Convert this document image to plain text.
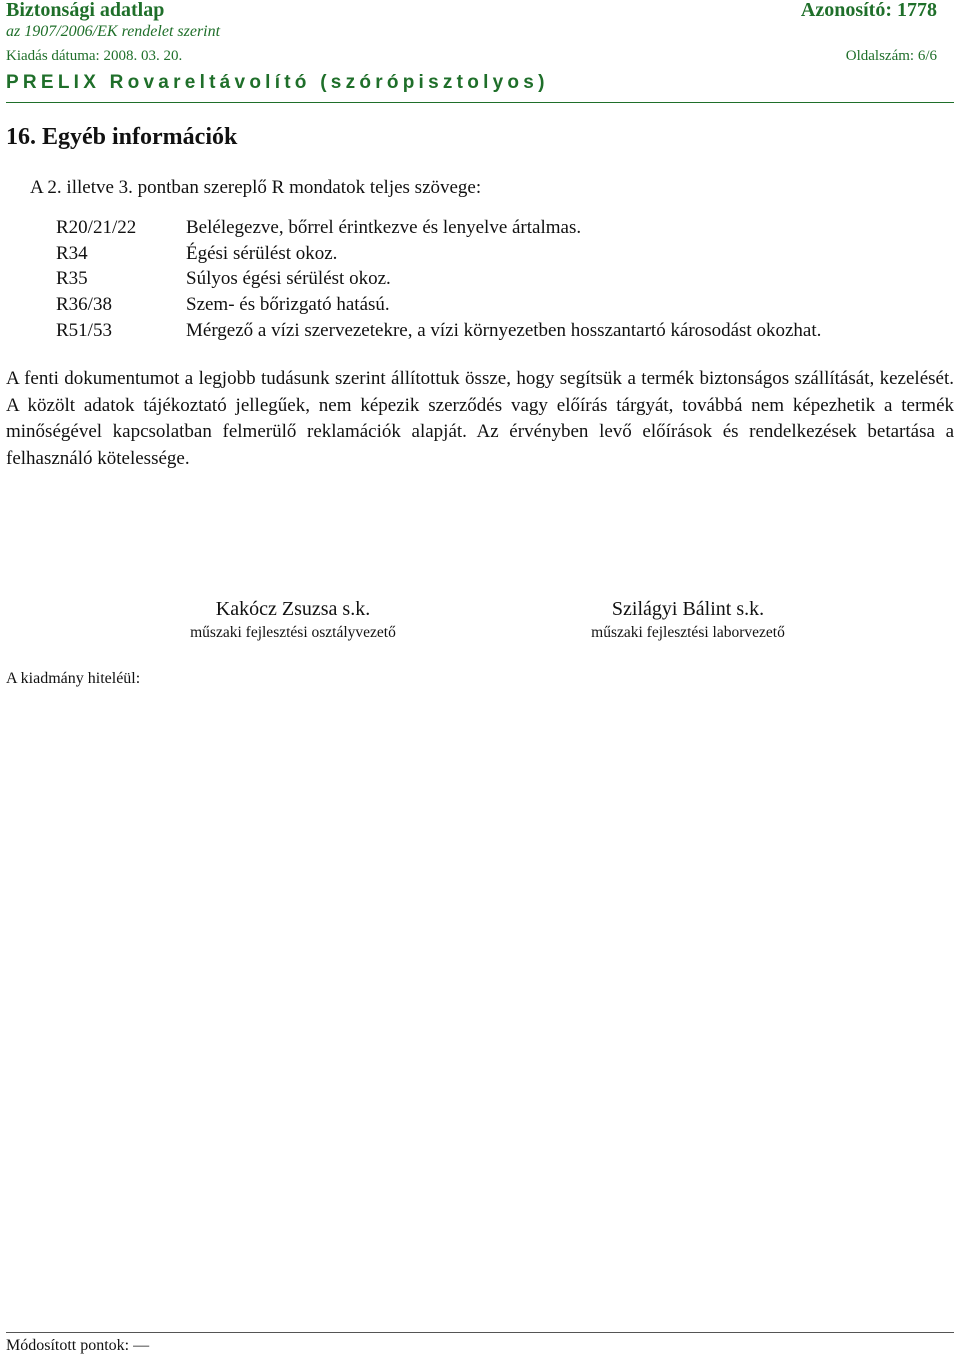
Biztonsági adatlap	Azonosító: 1778
az 1907/2006/EK rendelet szerint
Kiadás dátuma: 2008. 03. 20.	Oldalszám: 6/6
PRELIX Rovareltávolító (szórópisztolyos)
16. Egyéb információk
A 2. illetve 3. pontban szereplő R mondatok teljes szövege:
R20/21/22	Belélegezve, bőrrel érintkezve és lenyelve ártalmas.
R34	Égési sérülést okoz.
R35	Súlyos égési sérülést okoz.
R36/38	Szem- és bőrizgató hatású.
R51/53	Mérgező a vízi szervezetekre, a vízi környezetben hosszantartó károsodást okozhat.

A fenti dokumentumot a legjobb tudásunk szerint állítottuk össze, hogy segítsük a termék biztonságos szállítását, kezelését. A közölt adatok tájékoztató jellegűek, nem képezik szerződés vagy előírás tárgyát, továbbá nem képezhetik a termék minőségével kapcsolatban felmerülő reklamációk alapját. Az érvényben levő előírások és rendelkezések betartása a felhasználó kötelessége.

Kakócz Zsuzsa s.k.
műszaki fejlesztési osztályvezető
Szilágyi Bálint s.k.
műszaki fejlesztési laborvezető
A kiadmány hiteléül:
Módosított pontok: —
